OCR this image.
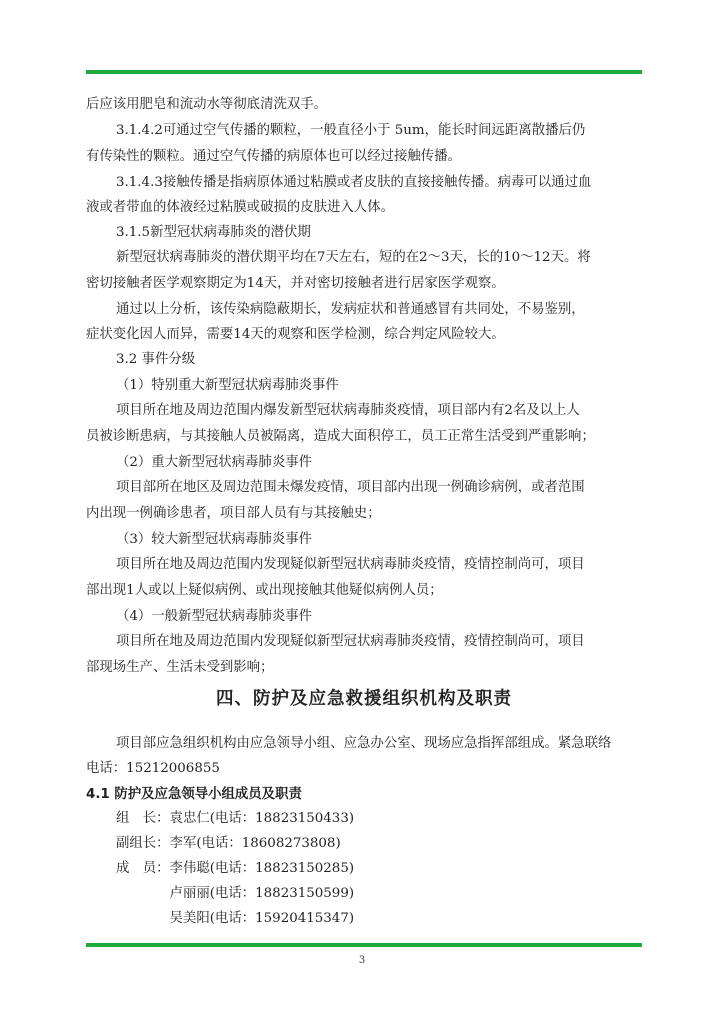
后应该用肥皂和流动水等彻底清洗双手。
3.1.4.2可通过空气传播的颗粒，一般直径小于 5um，能长时间远距离散播后仍
有传染性的颗粒。通过空气传播的病原体也可以经过接触传播。
3.1.4.3接触传播是指病原体通过粘膜或者皮肤的直接接触传播。病毒可以通过血
液或者带血的体液经过粘膜或破损的皮肤进入人体。
3.1.5新型冠状病毒肺炎的潜伏期
新型冠状病毒肺炎的潜伏期平均在7天左右，短的在2～3天，长的10～12天。将
密切接触者医学观察期定为14天，并对密切接触者进行居家医学观察。
通过以上分析，该传染病隐蔽期长，发病症状和普通感冒有共同处，不易鉴别，
症状变化因人而异，需要14天的观察和医学检测，综合判定风险较大。
3.2 事件分级
（1）特别重大新型冠状病毒肺炎事件
项目所在地及周边范围内爆发新型冠状病毒肺炎疫情，项目部内有2名及以上人
员被诊断患病，与其接触人员被隔离，造成大面积停工，员工正常生活受到严重影响；
（2）重大新型冠状病毒肺炎事件
项目部所在地区及周边范围未爆发疫情，项目部内出现一例确诊病例，或者范围
内出现一例确诊患者，项目部人员有与其接触史；
（3）较大新型冠状病毒肺炎事件
项目所在地及周边范围内发现疑似新型冠状病毒肺炎疫情，疫情控制尚可，项目
部出现1人或以上疑似病例、或出现接触其他疑似病例人员；
（4）一般新型冠状病毒肺炎事件
项目所在地及周边范围内发现疑似新型冠状病毒肺炎疫情，疫情控制尚可，项目
部现场生产、生活未受到影响；
四、防护及应急救援组织机构及职责
项目部应急组织机构由应急领导小组、应急办公室、现场应急指挥部组成。紧急联络
电话：15212006855
4.1 防护及应急领导小组成员及职责
组　长：袁忠仁(电话：18823150433)
副组长：李军(电话：18608273808)
成　员：李伟聪(电话：18823150285)
　　　　卢丽丽(电话：18823150599)
　　　　吴美阳(电话：15920415347)
3
